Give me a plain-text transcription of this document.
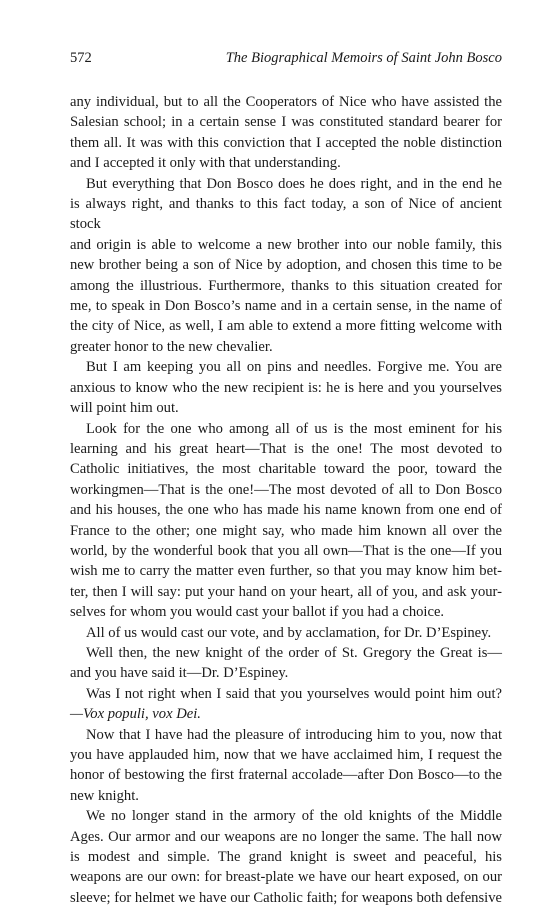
572	The Biographical Memoirs of Saint John Bosco

any individual, but to all the Cooperators of Nice who have assisted the
Salesian school; in a certain sense I was constituted standard bearer for
them all. It was with this conviction that I accepted the noble distinction
and I accepted it only with that understanding.

But everything that Don Bosco does he does right, and in the end he
is always right, and thanks to this fact today, a son of Nice of ancient stock
and origin is able to welcome a new brother into our noble family, this
new brother being a son of Nice by adoption, and chosen this time to be
among the illustrious. Furthermore, thanks to this situation created for
me, to speak in Don Bosco’s name and in a certain sense, in the name of
the city of Nice, as well, I am able to extend a more fitting welcome with
greater honor to the new chevalier.

But I am keeping you all on pins and needles. Forgive me. You are
anxious to know who the new recipient is: he is here and you yourselves
will point him out.

Look for the one who among all of us is the most eminent for his
learning and his great heart—That is the one! The most devoted to
Catholic initiatives, the most charitable toward the poor, toward the
workingmen—That is the one!—The most devoted of all to Don Bosco
and his houses, the one who has made his name known from one end of
France to the other; one might say, who made him known all over the
world, by the wonderful book that you all own—That is the one—If you
wish me to carry the matter even further, so that you may know him bet-
ter, then I will say: put your hand on your heart, all of you, and ask your-
selves for whom you would cast your ballot if you had a choice.

All of us would cast our vote, and by acclamation, for Dr. D’Espiney.

Well then, the new knight of the order of St. Gregory the Great is—
and you have said it—Dr. D’Espiney.

Was I not right when I said that you yourselves would point him out?
—Vox populi, vox Dei.

Now that I have had the pleasure of introducing him to you, now that
you have applauded him, now that we have acclaimed him, I request the
honor of bestowing the first fraternal accolade—after Don Bosco—to the
new knight.

We no longer stand in the armory of the old knights of the Middle
Ages. Our armor and our weapons are no longer the same. The hall now
is modest and simple. The grand knight is sweet and peaceful, his
weapons are our own: for breast-plate we have our heart exposed, on our
sleeve; for helmet we have our Catholic faith; for weapons both defensive
